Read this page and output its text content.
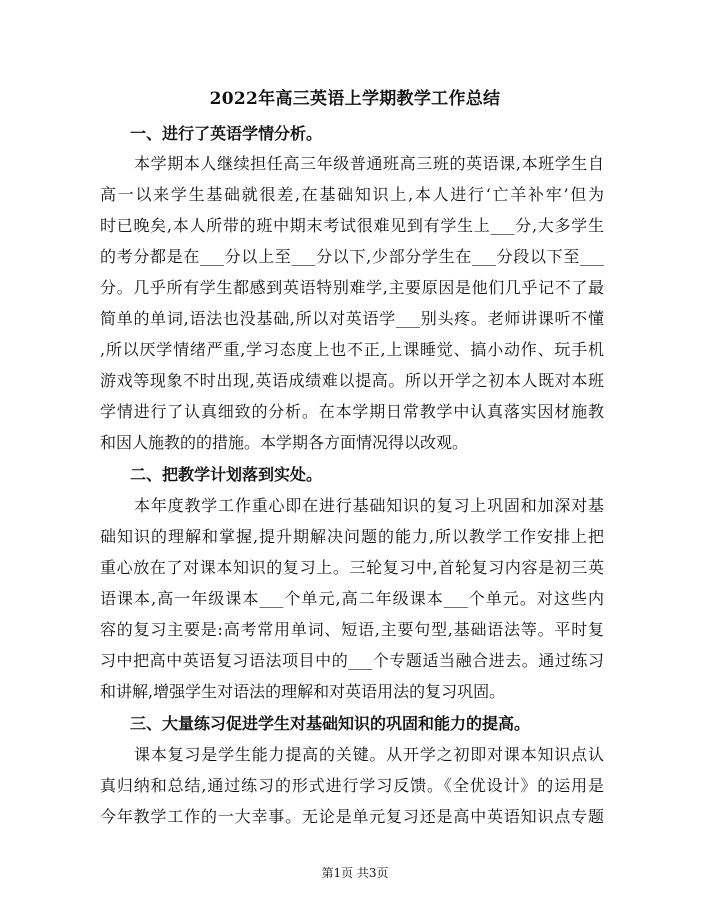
2022年高三英语上学期教学工作总结
一、进行了英语学情分析。
本学期本人继续担任高三年级普通班高三班的英语课,本班学生自
高一以来学生基础就很差,在基础知识上,本人进行‘亡羊补牢’但为
时已晚矣,本人所带的班中期末考试很难见到有学生上___分,大多学生
的考分都是在___分以上至___分以下,少部分学生在___分段以下至___
分。几乎所有学生都感到英语特别难学,主要原因是他们几乎记不了最
简单的单词,语法也没基础,所以对英语学___别头疼。老师讲课听不懂
,所以厌学情绪严重,学习态度上也不正,上课睡觉、搞小动作、玩手机
游戏等现象不时出现,英语成绩难以提高。所以开学之初本人既对本班
学情进行了认真细致的分析。在本学期日常教学中认真落实因材施教
和因人施教的的措施。本学期各方面情况得以改观。
二、把教学计划落到实处。
本年度教学工作重心即在进行基础知识的复习上巩固和加深对基
础知识的理解和掌握,提升期解决问题的能力,所以教学工作安排上把
重心放在了对课本知识的复习上。三轮复习中,首轮复习内容是初三英
语课本,高一年级课本___个单元,高二年级课本___个单元。对这些内
容的复习主要是:高考常用单词、短语,主要句型,基础语法等。平时复
习中把高中英语复习语法项目中的___个专题适当融合进去。通过练习
和讲解,增强学生对语法的理解和对英语用法的复习巩固。
三、大量练习促进学生对基础知识的巩固和能力的提高。
课本复习是学生能力提高的关键。从开学之初即对课本知识点认
真归纳和总结,通过练习的形式进行学习反馈。《全优设计》的运用是
今年教学工作的一大幸事。无论是单元复习还是高中英语知识点专题
第1页 共3页
